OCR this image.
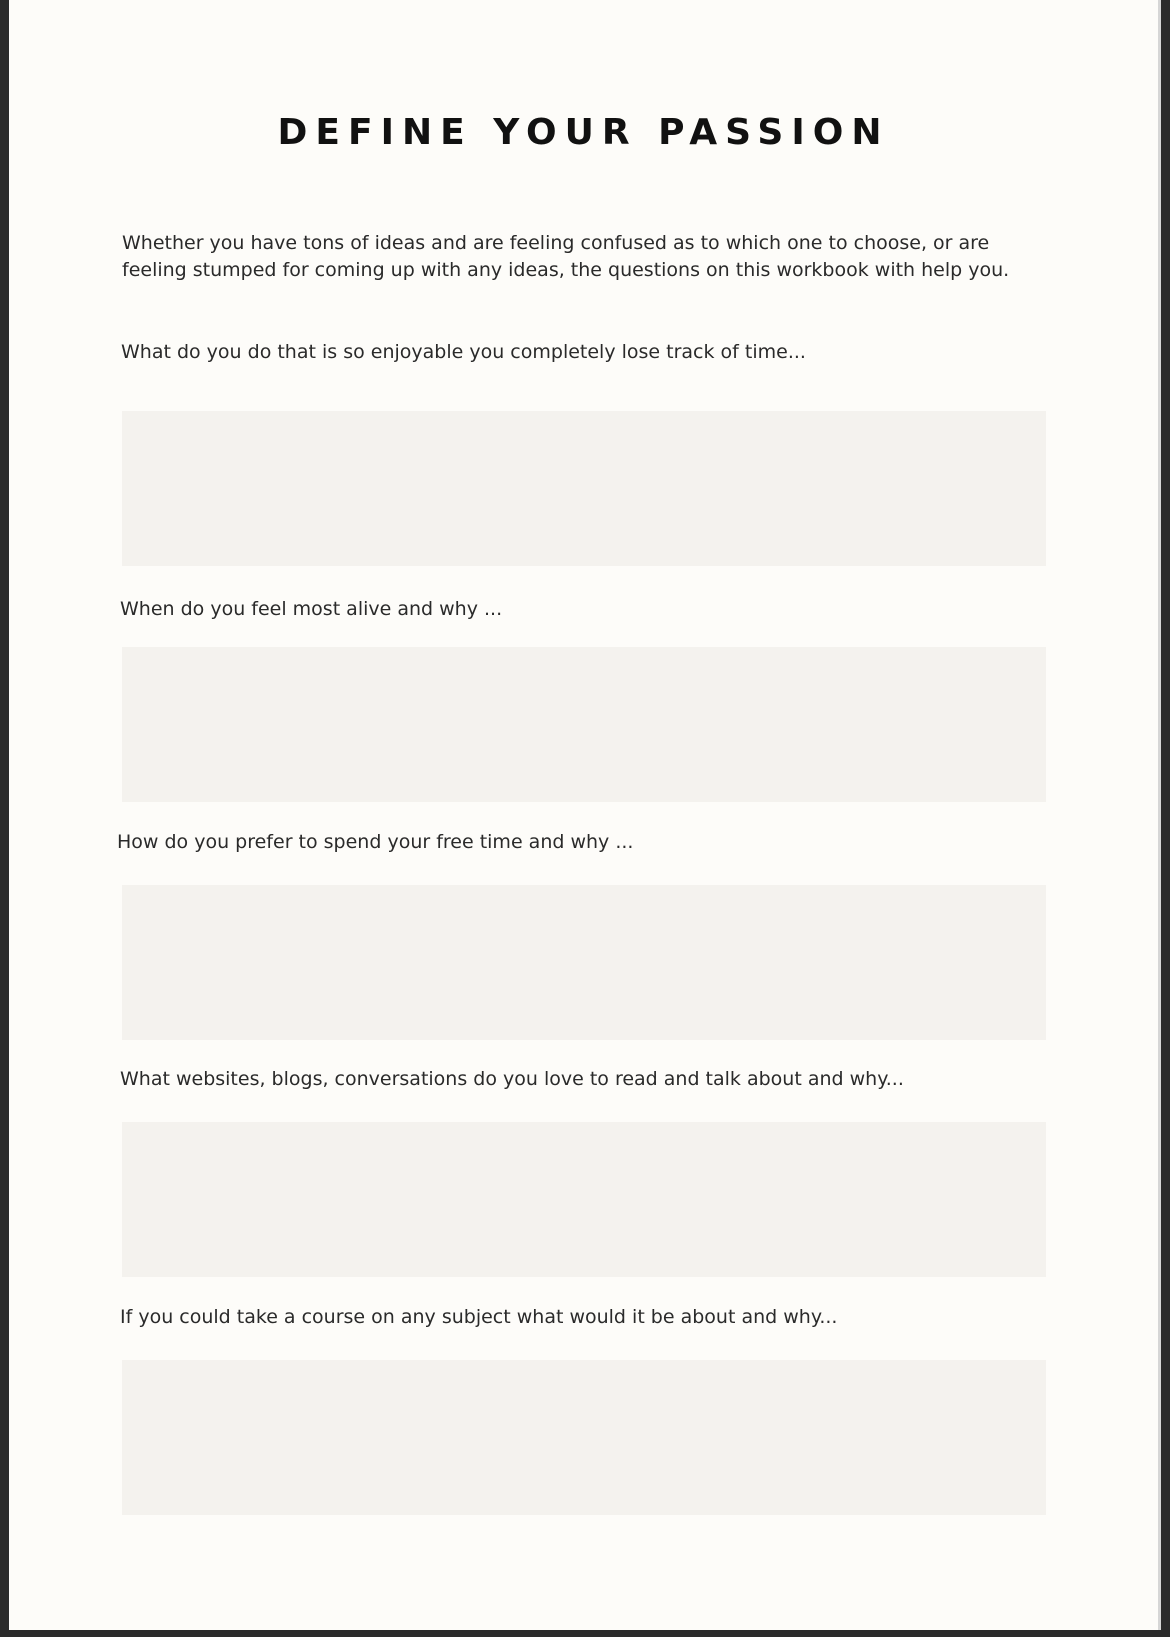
DEFINE YOUR PASSION

Whether you have tons of ideas and are feeling confused as to which one to choose, or are
feeling stumped for coming up with any ideas, the questions on this workbook with help you.

What do you do that is so enjoyable you completely lose track of time...

When do you feel most alive and why ...

How do you prefer to spend your free time and why ...

What websites, blogs, conversations do you love to read and talk about and why...

If you could take a course on any subject what would it be about and why...
